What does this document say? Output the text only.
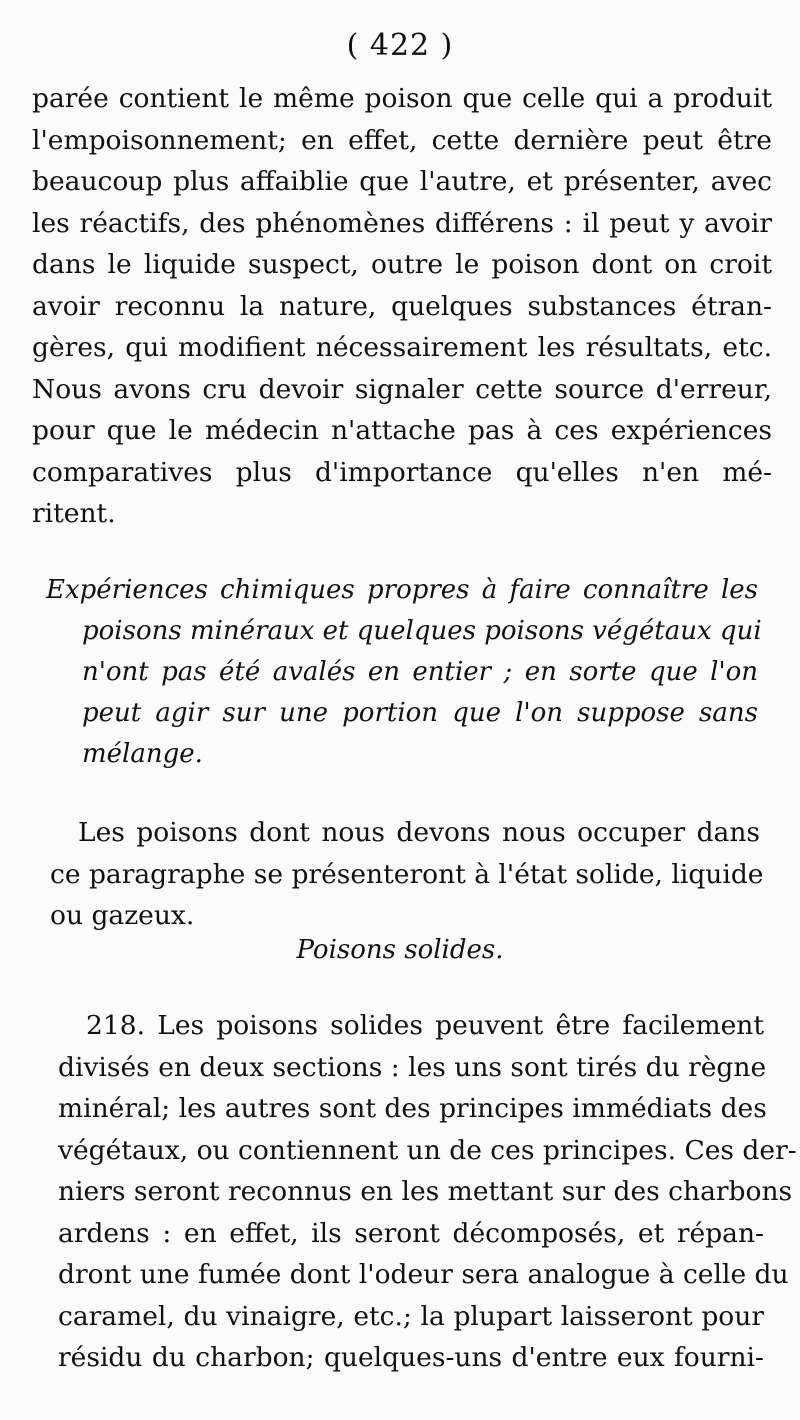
( 422 )
parée contient le même poison que celle qui a produit
l'empoisonnement; en effet, cette dernière peut être
beaucoup plus affaiblie que l'autre, et présenter, avec
les réactifs, des phénomènes différens : il peut y avoir
dans le liquide suspect, outre le poison dont on croit
avoir reconnu la nature, quelques substances étran-
gères, qui modifient nécessairement les résultats, etc.
Nous avons cru devoir signaler cette source d'erreur,
pour que le médecin n'attache pas à ces expériences
comparatives plus d'importance qu'elles n'en mé-
ritent.
Expériences chimiques propres à faire connaître les
poisons minéraux et quelques poisons végétaux qui
n'ont pas été avalés en entier ; en sorte que l'on
peut agir sur une portion que l'on suppose sans
mélange.
Les poisons dont nous devons nous occuper dans
ce paragraphe se présenteront à l'état solide, liquide
ou gazeux.
Poisons solides.
218. Les poisons solides peuvent être facilement
divisés en deux sections : les uns sont tirés du règne
minéral; les autres sont des principes immédiats des
végétaux, ou contiennent un de ces principes. Ces der-
niers seront reconnus en les mettant sur des charbons
ardens : en effet, ils seront décomposés, et répan-
dront une fumée dont l'odeur sera analogue à celle du
caramel, du vinaigre, etc.; la plupart laisseront pour
résidu du charbon; quelques-uns d'entre eux fourni-
